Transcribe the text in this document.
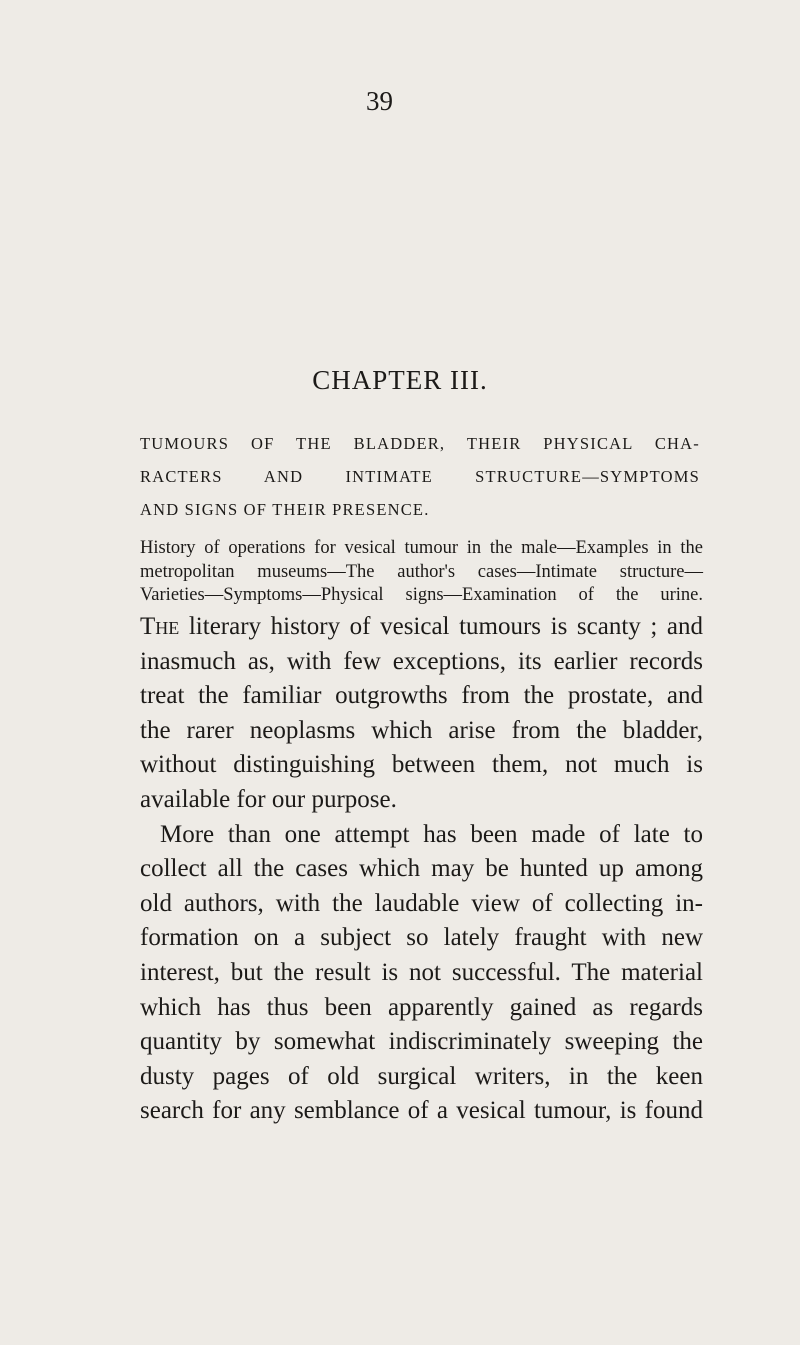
39
CHAPTER III.
TUMOURS OF THE BLADDER, THEIR PHYSICAL CHA-
RACTERS AND INTIMATE STRUCTURE—SYMPTOMS
AND SIGNS OF THEIR PRESENCE.
History of operations for vesical tumour in the male—Examples in the
metropolitan museums—The author's cases—Intimate structure—
Varieties—Symptoms—Physical signs—Examination of the urine.
The literary history of vesical tumours is scanty ; and
inasmuch as, with few exceptions, its earlier records
treat the familiar outgrowths from the prostate, and
the rarer neoplasms which arise from the bladder,
without distinguishing between them, not much is
available for our purpose.
More than one attempt has been made of late to
collect all the cases which may be hunted up among
old authors, with the laudable view of collecting in-
formation on a subject so lately fraught with new
interest, but the result is not successful. The material
which has thus been apparently gained as regards
quantity by somewhat indiscriminately sweeping the
dusty pages of old surgical writers, in the keen
search for any semblance of a vesical tumour, is found
